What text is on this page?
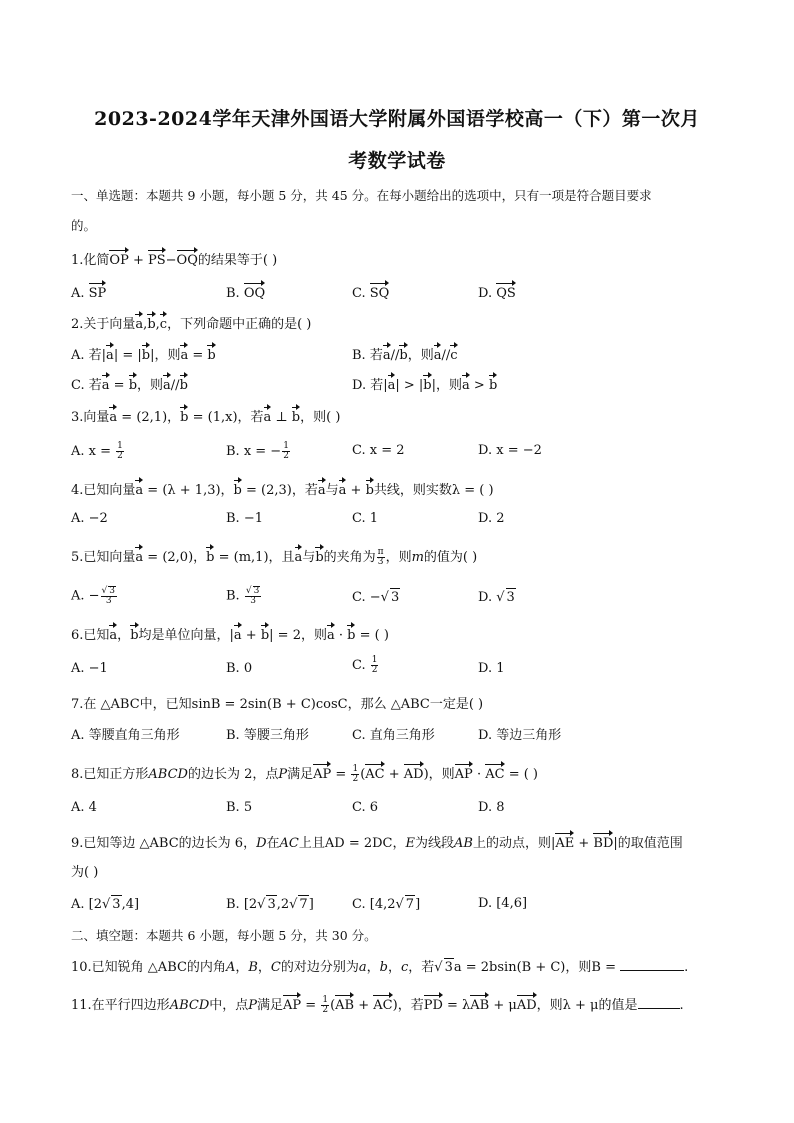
2023-2024学年天津外国语大学附属外国语学校高一（下）第一次月
考数学试卷
一、单选题：本题共 9 小题，每小题 5 分，共 45 分。在每小题给出的选项中，只有一项是符合题目要求
的。
1.化简OP + PS−OQ的结果等于( )
A. SP	B. OQ	C. SQ	D. QS
2.关于向量a,b,c，下列命题中正确的是( )
A. 若|a| = |b|，则a = b	B. 若a//b，则a//c
C. 若a = b，则a//b	D. 若|a| > |b|，则a > b
3.向量a = (2,1)，b = (1,x)，若a ⊥ b，则( )
A. $x = \frac{1}{2}$	B. x = − $\frac{1}{2}$	C. x = 2	D. x = −2
4.已知向量a = (λ + 1,3)，b = (2,3)，若a与a + b共线，则实数λ = ( )
A. −2	B. −1	C. 1	D. 2
5.已知向量a = (2,0)，b = (m,1)，且a与b的夹角为 $\frac{\pi}{3}$ ，则m的值为( )
A. − $\frac{√ 3}{3}$	B. $\frac{√ 3}{3}$	C. −√ 3	D. √ 3
6.已知a，b均是单位向量，|a + b| = 2，则a · b = ( )
A. −1	B. 0	C. $\frac{1}{2}$	D. 1
7.在 △ABC中，已知sinB = 2sin(B + C)cosC，那么 △ABC一定是( )
A. 等腰直角三角形	B. 等腰三角形	C. 直角三角形	D. 等边三角形
8.已知正方形ABCD的边长为 2，点P满足AP = $\frac{1}{2} (AC + AD)$，则AP · AC = ( )
A. 4	B. 5	C. 6	D. 8
9.已知等边 △ABC的边长为 6，D在AC上且AD = 2DC，E为线段AB上的动点，则|AE + BD|的取值范围
为( )
A. [2√ 3,4]	B. [2√ 3,2√ 7]	C. [4,2√ 7]	D. [4,6]
二、填空题：本题共 6 小题，每小题 5 分，共 30 分。
10.已知锐角 △ABC的内角A，B，C的对边分别为a，b，c，若√ 3a = 2bsin(B + C)，则B =	.
11.在平行四边形ABCD中，点P满足AP = $\frac{1}{2} (AB + AC)$，若PD = λAB + μAD，则λ + μ的值是	.
